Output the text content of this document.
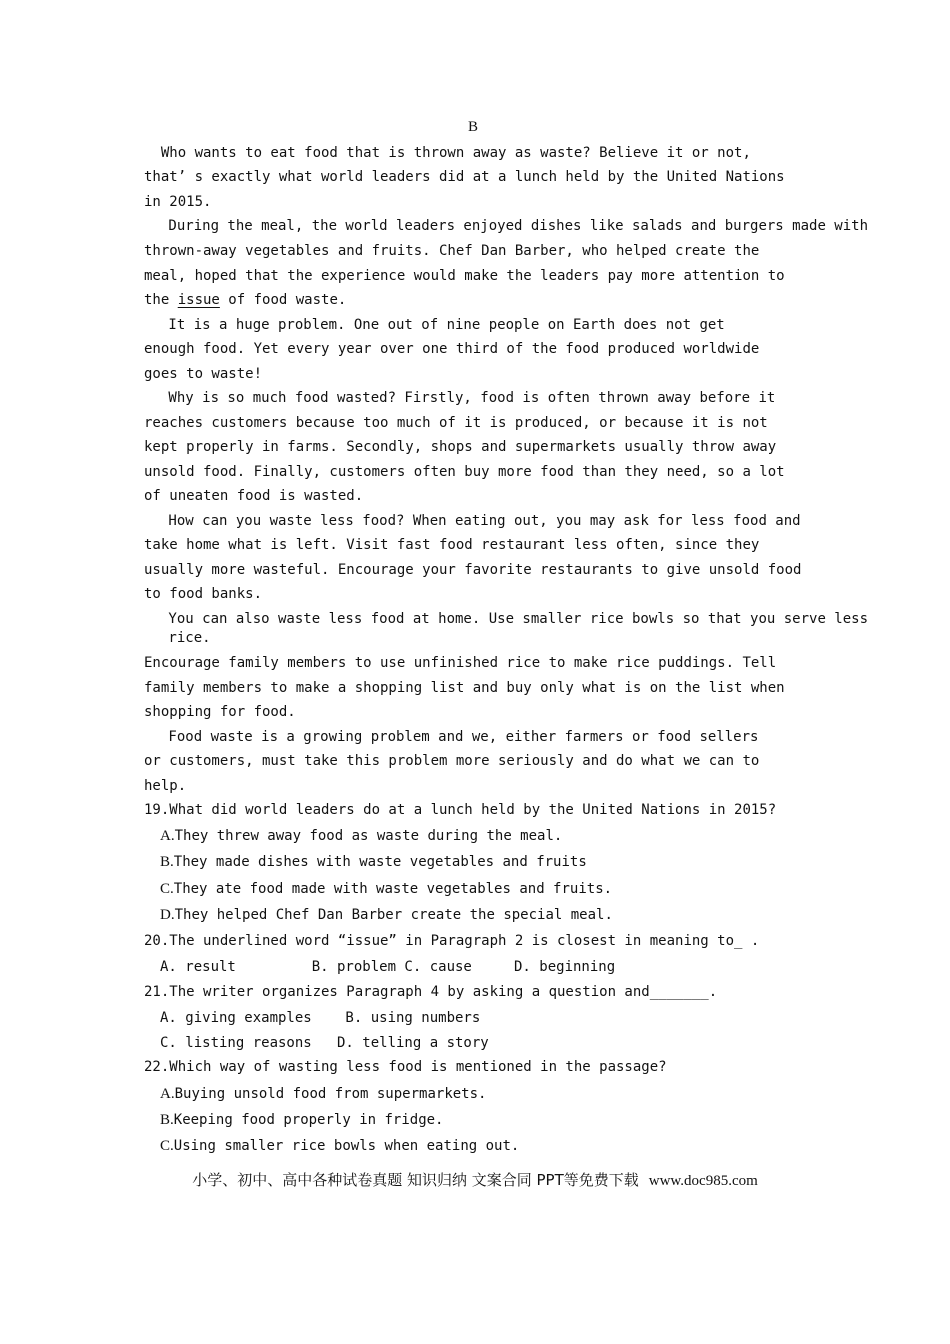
B
Who wants to eat food that is thrown away as waste? Believe it or not,
that’ s exactly what world leaders did at a lunch held by the United Nations
in 2015.
During the meal, the world leaders enjoyed dishes like salads and burgers made with
thrown-away vegetables and fruits. Chef Dan Barber, who helped create the
meal, hoped that the experience would make the leaders pay more attention to
the issue of food waste.
It is a huge problem. One out of nine people on Earth does not get
enough food. Yet every year over one third of the food produced worldwide
goes to waste!
Why is so much food wasted? Firstly, food is often thrown away before it
reaches customers because too much of it is produced, or because it is not
kept properly in farms. Secondly, shops and supermarkets usually throw away
unsold food. Finally, customers often buy more food than they need, so a lot
of uneaten food is wasted.
How can you waste less food? When eating out, you may ask for less food and
take home what is left. Visit fast food restaurant less often, since they
usually more wasteful. Encourage your favorite restaurants to give unsold food
to food banks.
You can also waste less food at home. Use smaller rice bowls so that you serve less
rice.
Encourage family members to use unfinished rice to make rice puddings. Tell
family members to make a shopping list and buy only what is on the list when
shopping for food.
Food waste is a growing problem and we, either farmers or food sellers
or customers, must take this problem more seriously and do what we can to
help.
19.What did world leaders do at a lunch held by the United Nations in 2015?
A.They threw away food as waste during the meal.
B.They made dishes with waste vegetables and fruits
C.They ate food made with waste vegetables and fruits.
D.They helped Chef Dan Barber create the special meal.
20.The underlined word “issue” in Paragraph 2 is closest in meaning to_ .
A. result         B. problem C. cause     D. beginning
21.The writer organizes Paragraph 4 by asking a question and_______.
A. giving examples    B. using numbers
C. listing reasons   D. telling a story
22.Which way of wasting less food is mentioned in the passage?
A.Buying unsold food from supermarkets.
B.Keeping food properly in fridge.
C.Using smaller rice bowls when eating out.
小学、初中、高中各种试卷真题 知识归纳 文案合同 PPT等免费下载 www.doc985.com
